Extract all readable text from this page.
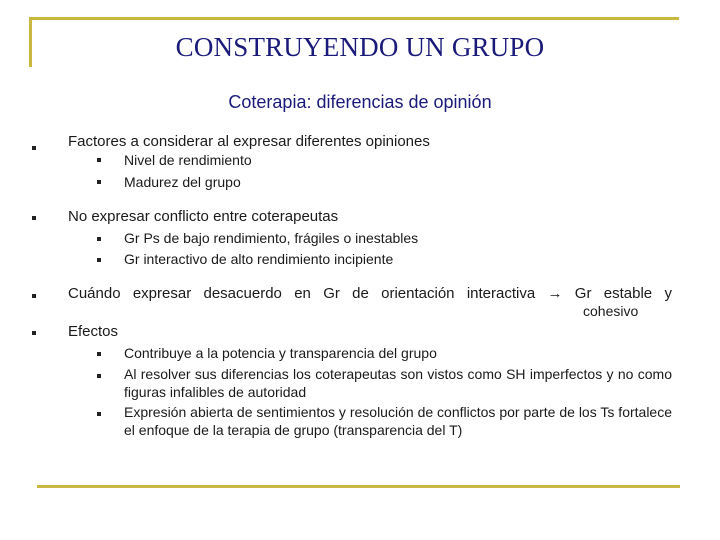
CONSTRUYENDO UN GRUPO
Coterapia: diferencias de opinión
Factores a considerar al expresar diferentes opiniones
Nivel de rendimiento
Madurez del grupo
No expresar conflicto entre coterapeutas
Gr Ps de bajo rendimiento, frágiles o inestables
Gr interactivo de alto rendimiento incipiente
Cuándo expresar desacuerdo en Gr de orientación interactiva → Gr estable y
cohesivo
Efectos
Contribuye a la potencia y transparencia del grupo
Al resolver sus diferencias los coterapeutas son vistos como SH imperfectos y no como figuras infalibles de autoridad
Expresión abierta de sentimientos y resolución de conflictos por parte de los Ts fortalece el enfoque de la terapia de grupo (transparencia del T)
